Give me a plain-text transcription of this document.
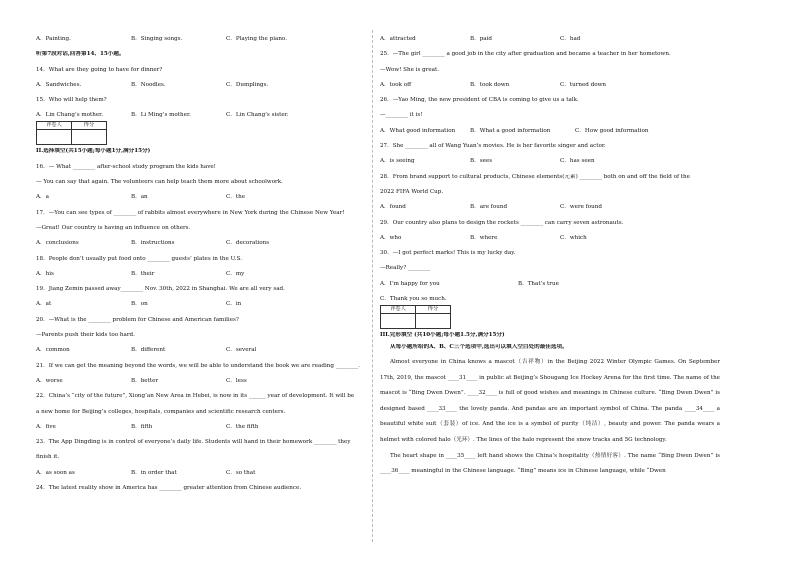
A．Painting.	B．Singing songs.	C．Playing the piano.
听第7段对话,回答第14、15小题。
14．What are they going to have for dinner?
A．Sandwiches.	B．Noodles.	C．Dumplings.
15．Who will help them?
A．Lin Chang’s mother.	B．Li Ming’s mother.	C．Lin Chang’s sister.
评卷人	得分

II.选择填空(共15小题;每小题1分,满分15分)
16．— What ________ after-school study program the kids have!
— You can say that again. The volunteers can help teach them more about schoolwork.
A．a	B．an	C．the
17．—You can see types of ________ of rabbits almost everywhere in New York during the Chinese New Year!
—Great! Our country is having an influence on others.
A．conclusions	B．instructions	C．decorations
18．People don’t usually put food onto ________ guests’ plates in the U.S.
A．his	B．their	C．my
19．Jiang Zemin passed away________ Nov. 30th, 2022 in Shanghai. We are all very sad.
A．at	B．on	C．in
20．—What is the ________ problem for Chinese and American families?
—Parents push their kids too hard.
A．common	B．different	C．several
21．If we can get the meaning beyond the words, we will be able to understand the book we are reading ________.
A．worse	B．better	C．less
22．China’s “city of the future”, Xiong’an New Area in Hebei, is now in its ______ year of development. It will be
a new home for Beijing’s colleges, hospitals, companies and scientific research centers.
A．five	B．fifth	C．the fifth
23．The App Dingding is in control of everyone’s daily life. Students will hand in their homework ________ they
finish it.
A．as soon as	B．in order that	C．so that
24．The latest reality show in America has ________ greater attention from Chinese audience.
A．attracted	B．paid	C．had
25．—The girl ________ a good job in the city after graduation and became a teacher in her hometown.
—Wow! She is great.
A．took off	B．took down	C．turned down
26．—Yao Ming, the new president of CBA is coming to give us a talk.
—________ it is!
A．What good information	B．What a good information	C．How good information
27．She ________ all of Wang Yuan’s movies. He is her favorite singer and actor.
A．is seeing	B．sees	C．has seen
28．From brand support to cultural products, Chinese elements(元素) ________ both on and off the field of the
2022 FIFA World Cup.
A．found	B．are found	C．were found
29．Our country also plans to design the rockets ________ can carry seven astronauts.
A．who	B．where	C．which
30．—I got perfect marks! This is my lucky day.
—Really? ________
A．I’m happy for you	B．That’s true
C．Thank you so much.
评卷人	得分

III.完形填空 (共10小题;每小题1.5分,满分15分)
从每小题所给的A、B、C三个选项中,选出可以填入空白处的最佳选项。
Almost everyone in China knows a mascot（吉祥物）in the Beijing 2022 Winter Olympic Games. On September 17th, 2019, the mascot ____31____ in public at Beijing’s Shougang Ice Hockey Arena for the first time. The name of the mascot is “Bing Dwen Dwen”. ____32____ is full of good wishes and meanings in Chinese culture. “Bing Dwen Dwen” is designed based ____33____ the lovely panda. And pandas are an important symbol of China. The panda ____34____ a beautiful white suit（套装）of ice. And the ice is a symbol of purity（纯洁）, beauty and power. The panda wears a helmet with colored halo（光环）. The lines of the halo represent the snow tracks and 5G technology.
The heart shape in ____35____ left hand shows the China’s hospitality（热情好客）. The name “Bing Dwen Dwen” is ____36____ meaningful in the Chinese language. “Bing” means ice in Chinese language, while “Dwen
